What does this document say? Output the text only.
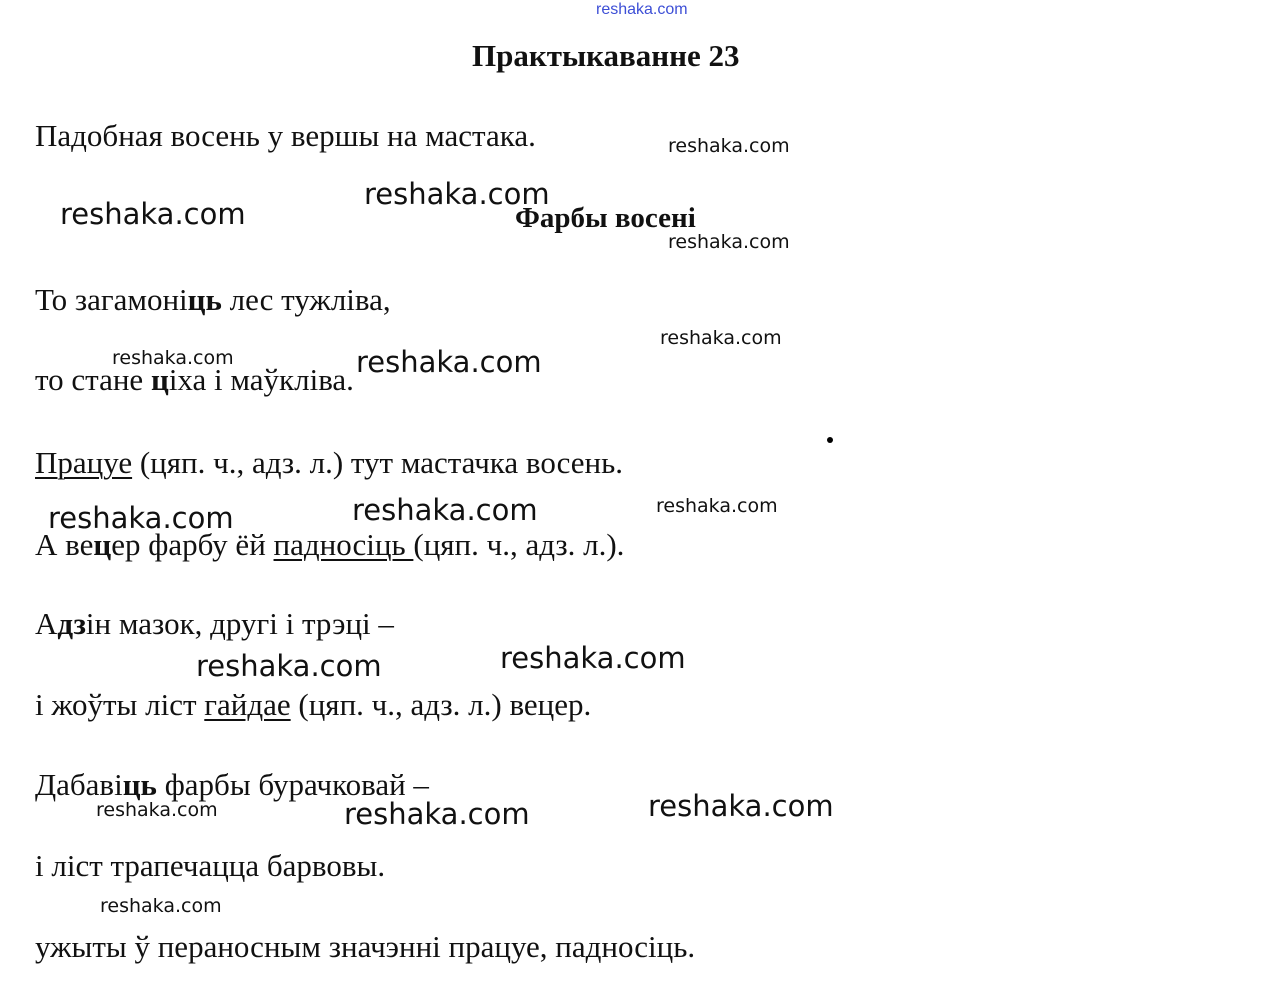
reshaka.com
Практыкаванне 23
Падобная восень у вершы на мастака.
Фарбы восені
То загамоніць лес тужліва,
то стане ціха і маўклiва.
Працуе (цяп. ч., адз. л.) тут мастачка восень.
А вецер фарбу ёй падносіць (цяп. ч., адз. л.).
Адзін мазок, другі і трэці –
і жоўты ліст гайдае (цяп. ч., адз. л.) вецер.
Дабавіць фарбы бурачковай –
і ліст трапечацца барвовы.
ужыты ў пераносным значэнні працуе, падносіць.
reshaka.com
reshaka.com
reshaka.com
reshaka.com
reshaka.com
reshaka.com	reshaka.com
reshaka.com
reshaka.com
reshaka.com
reshaka.com
reshaka.com
reshaka.com
reshaka.com	reshaka.com
reshaka.com
